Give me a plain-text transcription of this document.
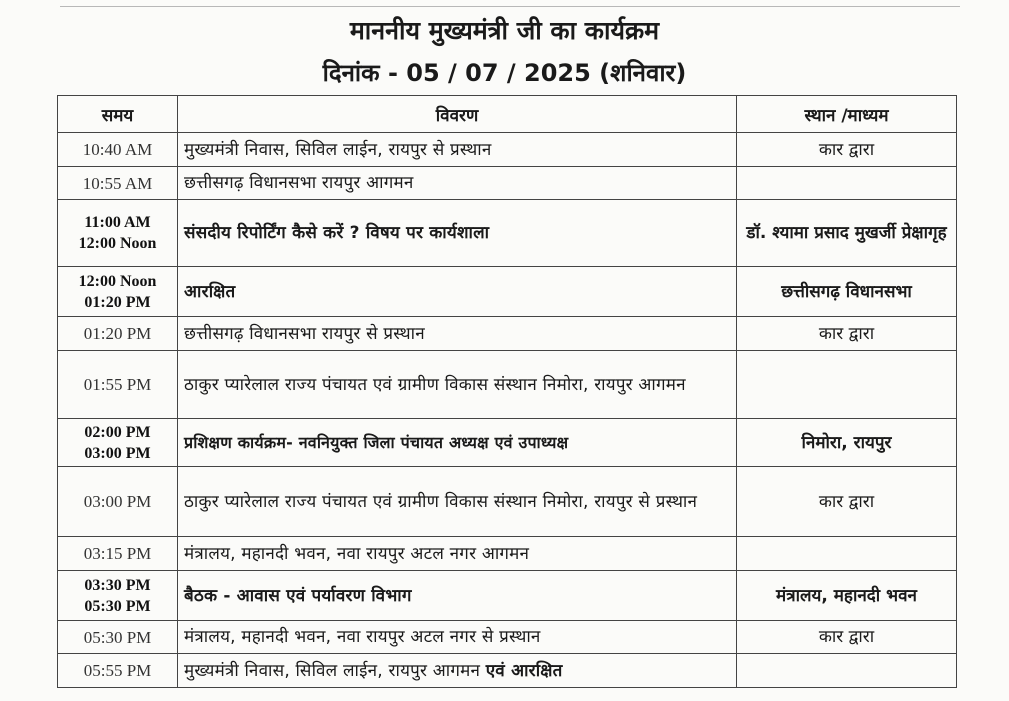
माननीय मुख्यमंत्री जी का कार्यक्रम
दिनांक - 05 / 07 / 2025 (शनिवार)
समय	विवरण	स्थान /माध्यम

10:40 AM	मुख्यमंत्री निवास, सिविल लाईन, रायपुर से प्रस्थान	कार द्वारा

10:55 AM	छत्तीसगढ़ विधानसभा रायपुर आगमन	

11:00 AM
12:00 Noon	संसदीय रिपोर्टिंग कैसे करें ? विषय पर कार्यशाला	डॉ. श्यामा प्रसाद मुखर्जी प्रेक्षागृह

12:00 Noon
01:20 PM	आरक्षित	छत्तीसगढ़ विधानसभा

01:20 PM	छत्तीसगढ़ विधानसभा रायपुर से प्रस्थान	कार द्वारा

01:55 PM	ठाकुर प्यारेलाल राज्य पंचायत एवं ग्रामीण विकास संस्थान निमोरा, रायपुर आगमन	

02:00 PM
03:00 PM	प्रशिक्षण कार्यक्रम- नवनियुक्त जिला पंचायत अध्यक्ष एवं उपाध्यक्ष	निमोरा, रायपुर

03:00 PM	ठाकुर प्यारेलाल राज्य पंचायत एवं ग्रामीण विकास संस्थान निमोरा, रायपुर से प्रस्थान	कार द्वारा

03:15 PM	मंत्रालय, महानदी भवन, नवा रायपुर अटल नगर आगमन	

03:30 PM
05:30 PM	बैठक - आवास एवं पर्यावरण विभाग	मंत्रालय, महानदी भवन

05:30 PM	मंत्रालय, महानदी भवन, नवा रायपुर अटल नगर से प्रस्थान	कार द्वारा

05:55 PM	मुख्यमंत्री निवास, सिविल लाईन, रायपुर आगमन एवं आरक्षित	
